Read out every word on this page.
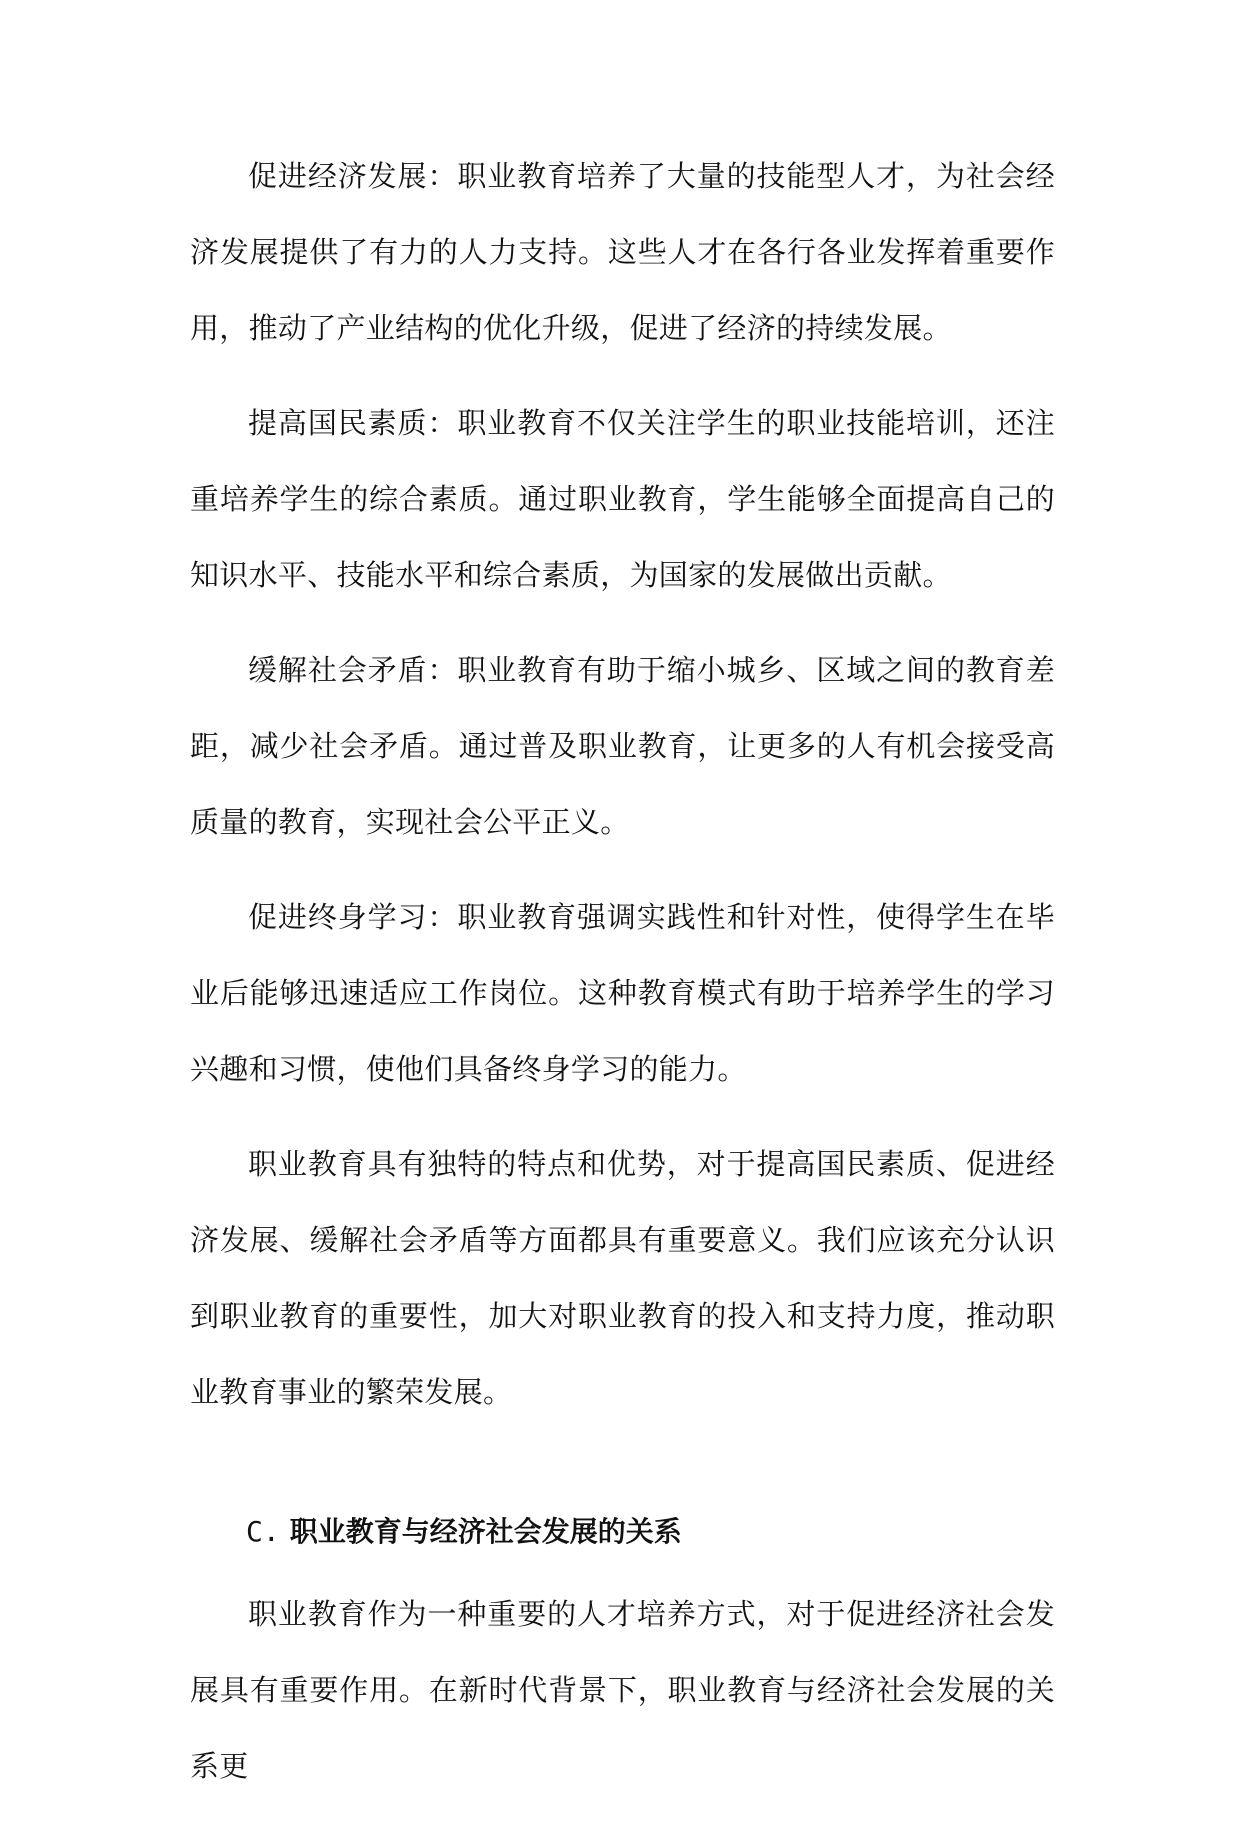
促进经济发展：职业教育培养了大量的技能型人才，为社会经济发展提供了有力的人力支持。这些人才在各行各业发挥着重要作用，推动了产业结构的优化升级，促进了经济的持续发展。

提高国民素质：职业教育不仅关注学生的职业技能培训，还注重培养学生的综合素质。通过职业教育，学生能够全面提高自己的知识水平、技能水平和综合素质，为国家的发展做出贡献。

缓解社会矛盾：职业教育有助于缩小城乡、区域之间的教育差距，减少社会矛盾。通过普及职业教育，让更多的人有机会接受高质量的教育，实现社会公平正义。

促进终身学习：职业教育强调实践性和针对性，使得学生在毕业后能够迅速适应工作岗位。这种教育模式有助于培养学生的学习兴趣和习惯，使他们具备终身学习的能力。

职业教育具有独特的特点和优势，对于提高国民素质、促进经济发展、缓解社会矛盾等方面都具有重要意义。我们应该充分认识到职业教育的重要性，加大对职业教育的投入和支持力度，推动职业教育事业的繁荣发展。

C. 职业教育与经济社会发展的关系

职业教育作为一种重要的人才培养方式，对于促进经济社会发展具有重要作用。在新时代背景下，职业教育与经济社会发展的关系更
